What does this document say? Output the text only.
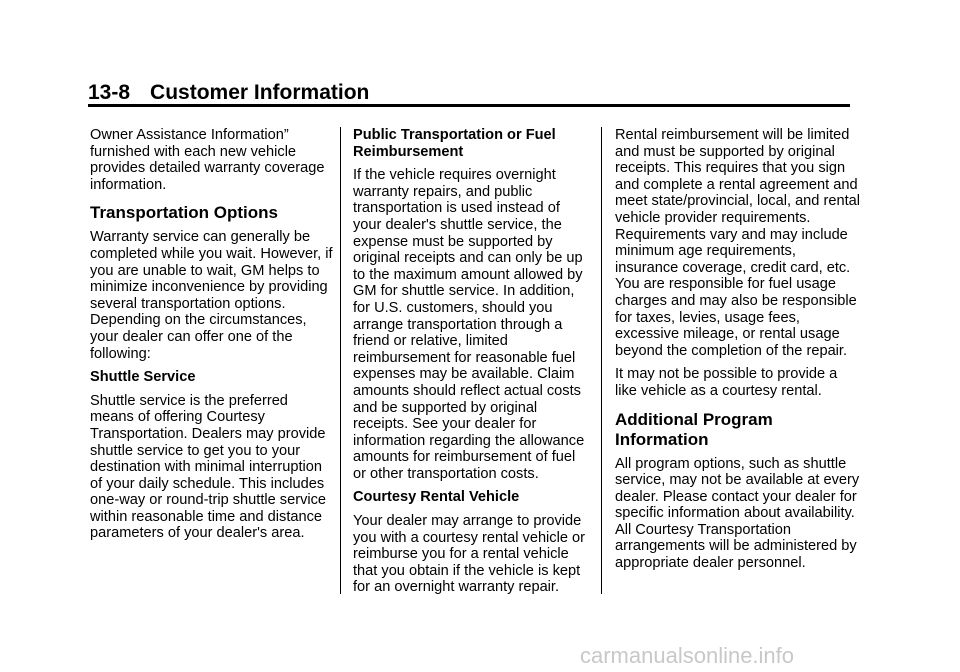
13-8 Customer Information

Owner Assistance Information” furnished with each new vehicle provides detailed warranty coverage information.

Transportation Options

Warranty service can generally be completed while you wait. However, if you are unable to wait, GM helps to minimize inconvenience by providing several transportation options. Depending on the circumstances, your dealer can offer one of the following:

Shuttle Service

Shuttle service is the preferred means of offering Courtesy Transportation. Dealers may provide shuttle service to get you to your destination with minimal interruption of your daily schedule. This includes one-way or round-trip shuttle service within reasonable time and distance parameters of your dealer's area.

Public Transportation or Fuel Reimbursement

If the vehicle requires overnight warranty repairs, and public transportation is used instead of your dealer's shuttle service, the expense must be supported by original receipts and can only be up to the maximum amount allowed by GM for shuttle service. In addition, for U.S. customers, should you arrange transportation through a friend or relative, limited reimbursement for reasonable fuel expenses may be available. Claim amounts should reflect actual costs and be supported by original receipts. See your dealer for information regarding the allowance amounts for reimbursement of fuel or other transportation costs.

Courtesy Rental Vehicle

Your dealer may arrange to provide you with a courtesy rental vehicle or reimburse you for a rental vehicle that you obtain if the vehicle is kept for an overnight warranty repair.

Rental reimbursement will be limited and must be supported by original receipts. This requires that you sign and complete a rental agreement and meet state/provincial, local, and rental vehicle provider requirements. Requirements vary and may include minimum age requirements, insurance coverage, credit card, etc. You are responsible for fuel usage charges and may also be responsible for taxes, levies, usage fees, excessive mileage, or rental usage beyond the completion of the repair.

It may not be possible to provide a like vehicle as a courtesy rental.

Additional Program Information

All program options, such as shuttle service, may not be available at every dealer. Please contact your dealer for specific information about availability. All Courtesy Transportation arrangements will be administered by appropriate dealer personnel.

carmanualsonline.info
